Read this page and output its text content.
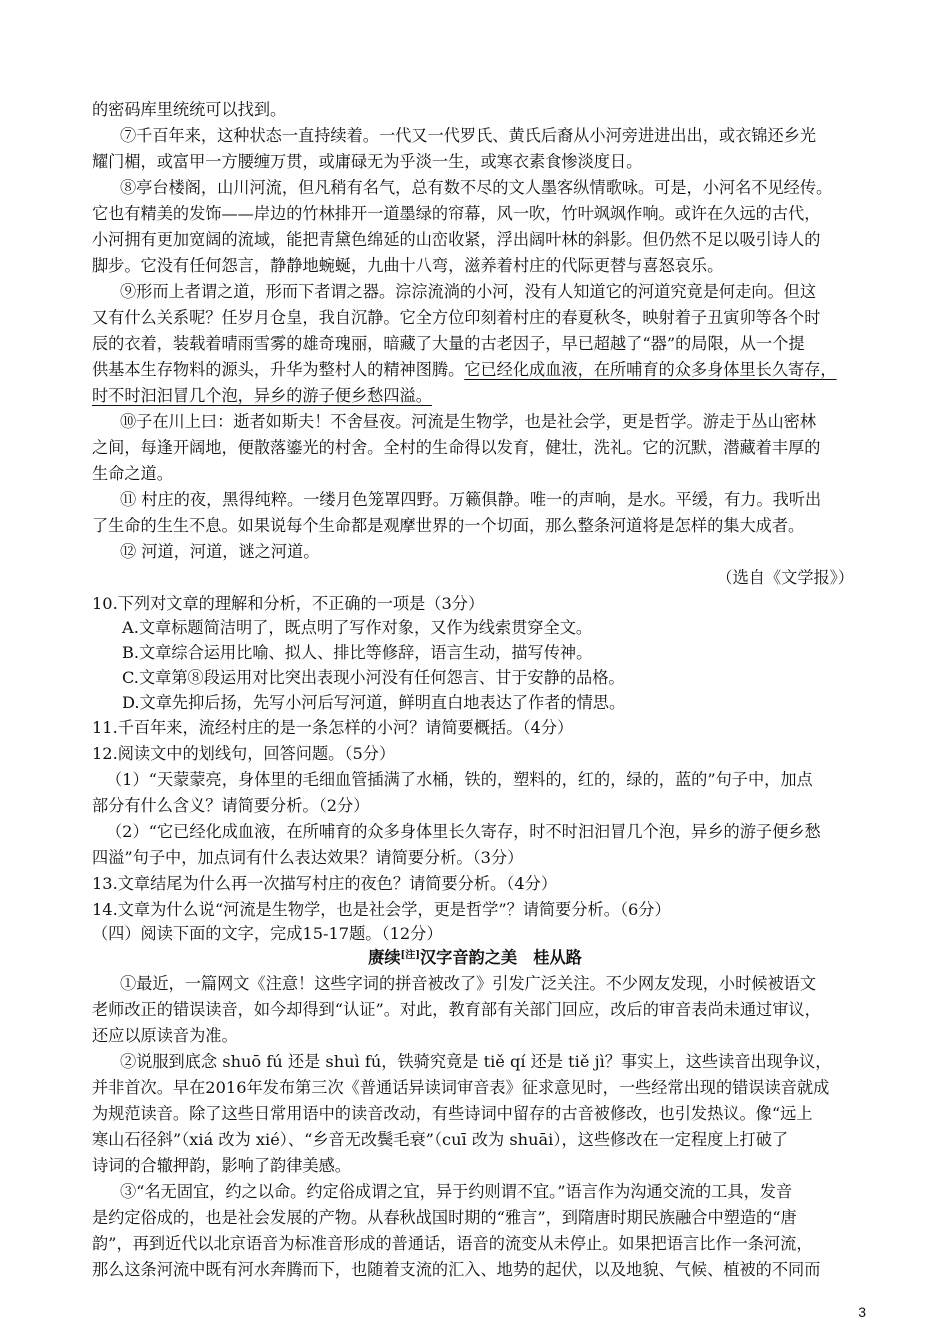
的密码库里统统可以找到。
⑦千百年来，这种状态一直持续着。一代又一代罗氏、黄氏后裔从小河旁进进出出，或衣锦还乡光
耀门楣，或富甲一方腰缠万贯，或庸碌无为乎淡一生，或寒衣素食惨淡度日。
⑧亭台楼阁，山川河流，但凡稍有名气，总有数不尽的文人墨客纵情歌咏。可是，小河名不见经传。
它也有精美的发饰——岸边的竹林排开一道墨绿的帘幕，风一吹，竹叶飒飒作响。或许在久远的古代，
小河拥有更加宽阔的流域，能把青黛色绵延的山峦收紧，浮出阔叶林的斜影。但仍然不足以吸引诗人的
脚步。它没有任何怨言，静静地蜿蜒，九曲十八弯，滋养着村庄的代际更替与喜怒哀乐。
⑨形而上者谓之道，形而下者谓之器。淙淙流淌的小河，没有人知道它的河道究竟是何走向。但这
又有什么关系呢？任岁月仓皇，我自沉静。它全方位印刻着村庄的春夏秋冬，映射着子丑寅卯等各个时
辰的衣着，装载着晴雨雪雾的雄奇瑰丽，暗藏了大量的古老因子，早已超越了“器”的局限，从一个提
供基本生存物料的源头，升华为整村人的精神图腾。它已经化成血液，在所哺育的众多身体里长久寄存，
时不时汩汩冒几个泡，异乡的游子便乡愁四溢。
⑩子在川上曰：逝者如斯夫！不舍昼夜。河流是生物学，也是社会学，更是哲学。游走于丛山密林
之间，每逢开阔地，便散落鎏光的村舍。全村的生命得以发育，健壮，洗礼。它的沉默，潜藏着丰厚的
生命之道。
⑪ 村庄的夜，黑得纯粹。一缕月色笼罩四野。万籁俱静。唯一的声响，是水。平缓，有力。我听出
了生命的生生不息。如果说每个生命都是观摩世界的一个切面，那么整条河道将是怎样的集大成者。
⑫ 河道，河道，谜之河道。
（选自《文学报》）
10.下列对文章的理解和分析，不正确的一项是（3分）
A.文章标题简洁明了，既点明了写作对象，又作为线索贯穿全文。
B.文章综合运用比喻、拟人、排比等修辞，语言生动，描写传神。
C.文章第⑧段运用对比突出表现小河没有任何怨言、甘于安静的品格。
D.文章先抑后扬，先写小河后写河道，鲜明直白地表达了作者的情思。
11.千百年来，流经村庄的是一条怎样的小河？请简要概括。（4分）
12.阅读文中的划线句，回答问题。（5分）
（1）“天蒙蒙亮，身体里的毛细血管插满了水桶，铁的，塑料的，红的，绿的，蓝的”句子中，加点
部分有什么含义？请简要分析。（2分）
（2）“它已经化成血液，在所哺育的众多身体里长久寄存，时不时汩汩冒几个泡，异乡的游子便乡愁
四溢”句子中，加点词有什么表达效果？请简要分析。（3分）
13.文章结尾为什么再一次描写村庄的夜色？请简要分析。（4分）
14.文章为什么说“河流是生物学，也是社会学，更是哲学”？请简要分析。（6分）
（四）阅读下面的文字，完成15-17题。（12分）
赓续[注]汉字音韵之美　 桂从路
①最近，一篇网文《注意！这些字词的拼音被改了》引发广泛关注。不少网友发现，小时候被语文
老师改正的错误读音，如今却得到“认证”。对此，教育部有关部门回应，改后的审音表尚未通过审议，
还应以原读音为准。
②说服到底念 shuō fú 还是 shuì fú，铁骑究竟是 tiě qí 还是 tiě jì？事实上，这些读音出现争议，
并非首次。早在2016年发布第三次《普通话异读词审音表》征求意见时，一些经常出现的错误读音就成
为规范读音。除了这些日常用语中的读音改动，有些诗词中留存的古音被修改，也引发热议。像“远上
寒山石径斜”（xiá 改为 xié）、“乡音无改鬓毛衰”（cuī 改为 shuāi），这些修改在一定程度上打破了
诗词的合辙押韵，影响了韵律美感。
③“名无固宜，约之以命。约定俗成谓之宜，异于约则谓不宜。”语言作为沟通交流的工具，发音
是约定俗成的，也是社会发展的产物。从春秋战国时期的“雅言”，到隋唐时期民族融合中塑造的“唐
韵”，再到近代以北京语音为标准音形成的普通话，语音的流变从未停止。如果把语言比作一条河流，
那么这条河流中既有河水奔腾而下，也随着支流的汇入、地势的起伏，以及地貌、气候、植被的不同而
3
